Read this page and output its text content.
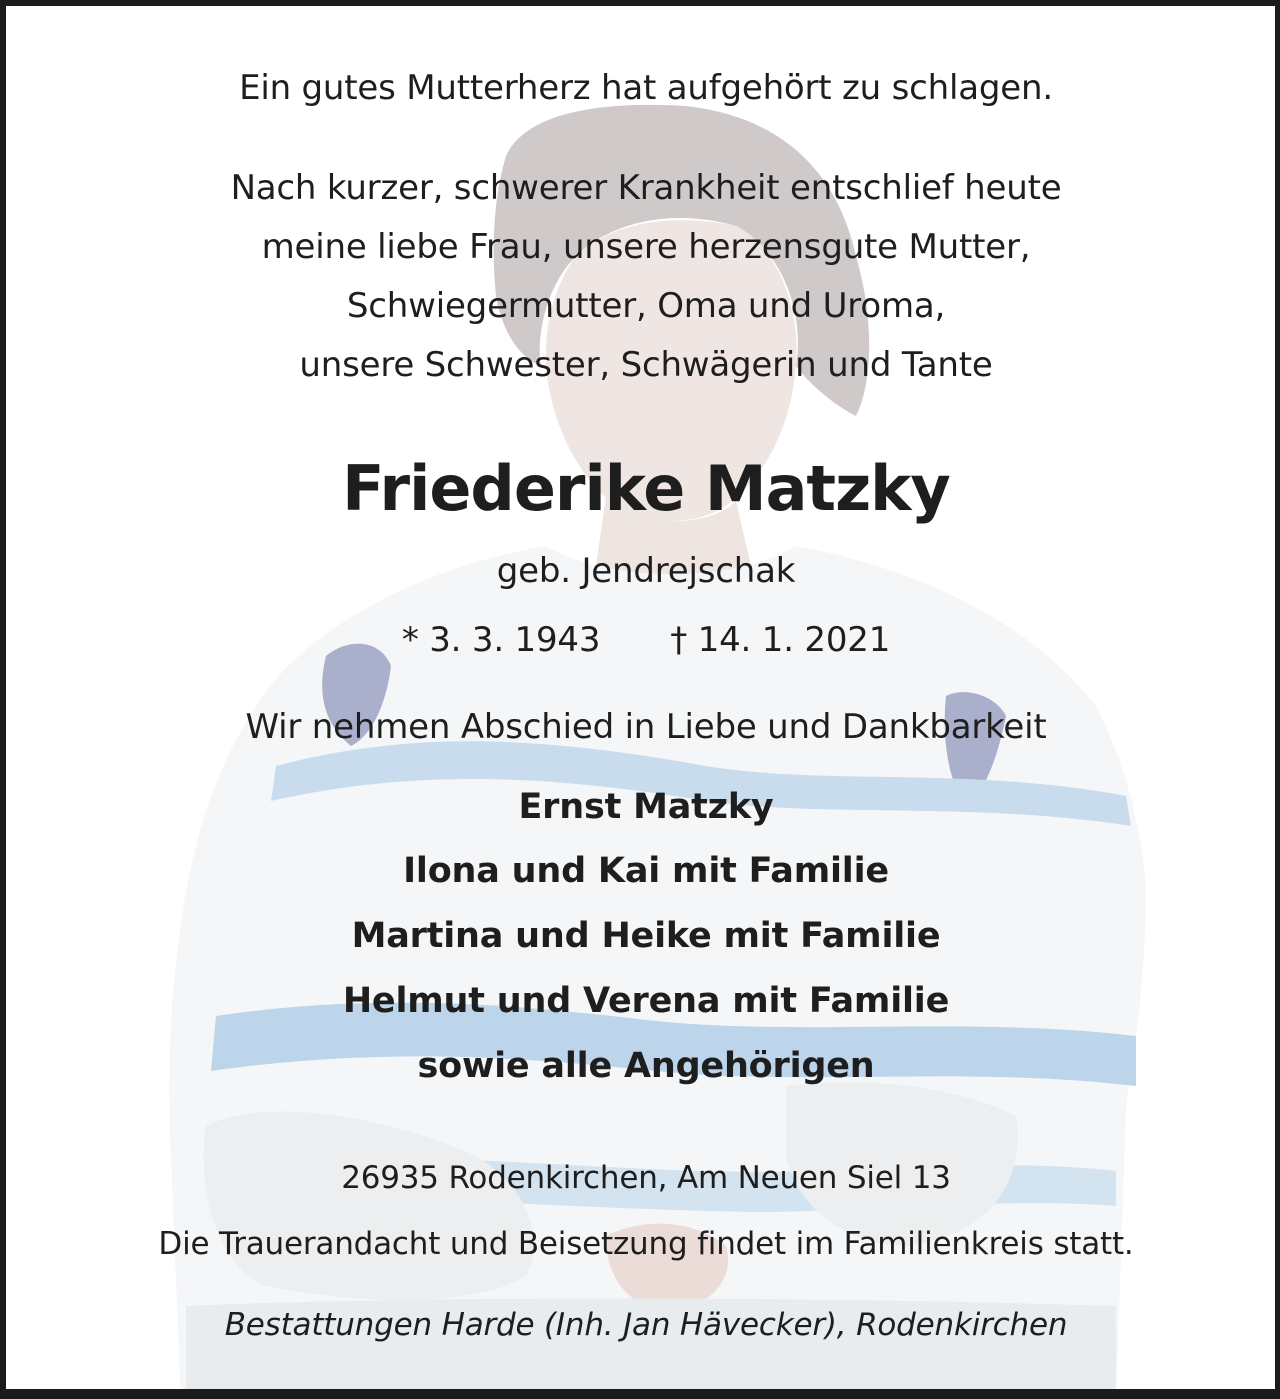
Ein gutes Mutterherz hat aufgehört zu schlagen.
Nach kurzer, schwerer Krankheit entschlief heute
meine liebe Frau, unsere herzensgute Mutter,
Schwiegermutter, Oma und Uroma,
unsere Schwester, Schwägerin und Tante
Friederike Matzky
geb. Jendrejschak
* 3. 3. 1943 † 14. 1. 2021
Wir nehmen Abschied in Liebe und Dankbarkeit
Ernst Matzky
Ilona und Kai mit Familie
Martina und Heike mit Familie
Helmut und Verena mit Familie
sowie alle Angehörigen
26935 Rodenkirchen, Am Neuen Siel 13
Die Trauerandacht und Beisetzung findet im Familienkreis statt.
Bestattungen Harde (Inh. Jan Hävecker), Rodenkirchen
